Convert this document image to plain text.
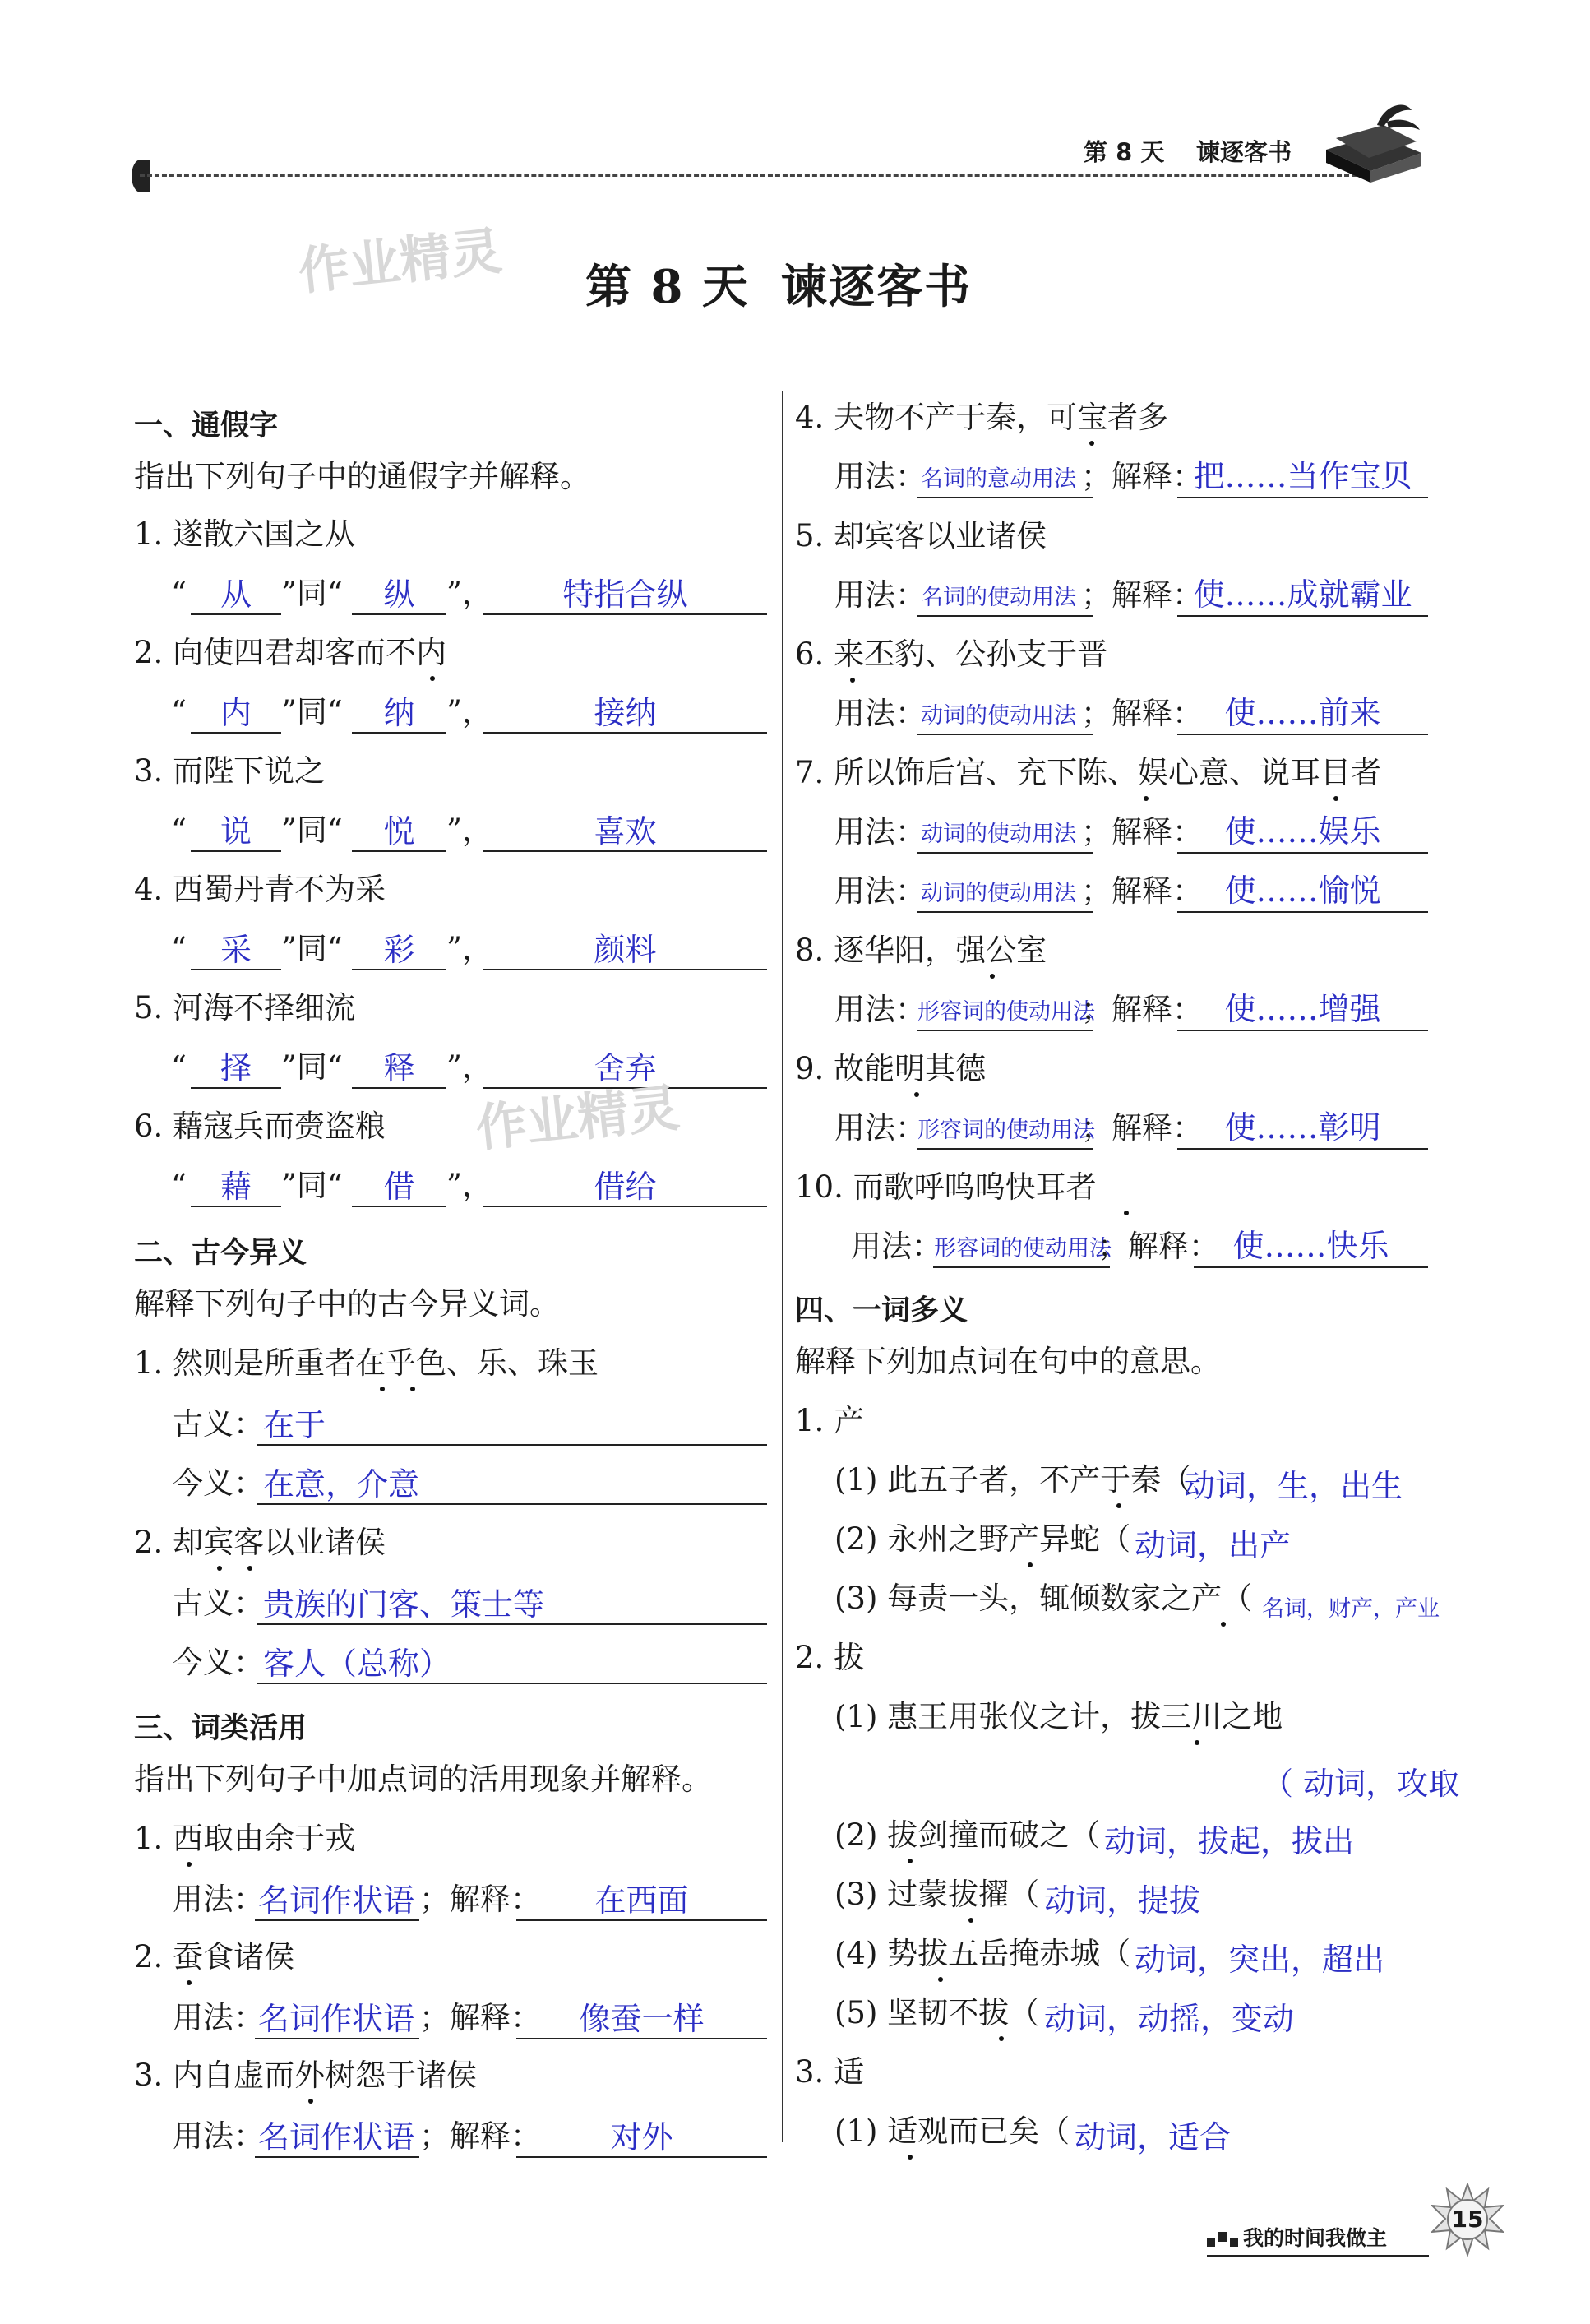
第 8 天 谏逐客书
作业精灵 第 8 天 谏逐客书
一、通假字
指出下列句子中的通假字并解释。
1. 遂散六国之从
“	从 ”同“	纵	”，	特指合纵
2. 向使四君却客而不内
“	内 ”同“	纳	”，	接纳
3. 而陛下说之
“	说 ”同“	悦	”，	喜欢
4. 西蜀丹青不为采
“	采 ”同“	彩	”，	颜料
5. 河海不择细流
“	择 ”同“	释	”，	舍弃
作业精灵
6. 藉寇兵而赍盗粮
“	藉 ”同“	借	”，	借给
二、古今异义
解释下列句子中的古今异义词。
1. 然则是所重者在乎色、乐、珠玉
古义： 在于
今义： 在意，介意
2. 却宾客以业诸侯
古义： 贵族的门客、策士等
今义： 客人（总称）
三、词类活用
指出下列句子中加点词的活用现象并解释。
1. 西取由余于戎
用法：
名词作状语 ；解释：	在西面
2. 蚕食诸侯
用法：
名词作状语 ；解释：	像蚕一样
3. 内自虚而外树怨于诸侯
用法：
名词作状语 ；解释：	对外
4. 夫物不产于秦，可宝者多
用法：
名词的意动用法 ；解释：
把……当作宝贝
5. 却宾客以业诸侯
用法：
名词的使动用法 ；解释：
使……成就霸业
6. 来丕豹、公孙支于晋
用法：
动词的使动用法 ；解释： 使……前来
7. 所以饰后宫、充下陈、娱心意、说耳目者
用法：
动词的使动用法 ；解释： 使……娱乐
用法：
动词的使动用法 ；解释： 使……愉悦
8. 逐华阳，强公室
用法：
形容词的使动用法
；解释： 使……增强
9. 故能明其德
用法：
形容词的使动用法
；解释： 使……彰明
10. 而歌呼呜呜快耳者
用法：
形容词的使动用法
；解释： 使……快乐
四、一词多义
解释下列加点词在句中的意思。
1. 产
(1) 此五子者，不产于秦（
动词，生，出生
(2) 永州之野产异蛇（ 动词，出产
(3) 每责一头，辄倾数家之产（ 名词，财产，产业
2. 拔
(1) 惠王用张仪之计，拔三川之地
（ 动词，攻取
(2) 拔剑撞而破之（ 动词，拔起，拔出
(3) 过蒙拔擢（ 动词，提拔
(4) 势拔五岳掩赤城（ 动词，突出，超出
(5) 坚韧不拔（ 动词，动摇，变动
3. 适
(1) 适观而已矣（ 动词，适合
我的时间我做主
15
